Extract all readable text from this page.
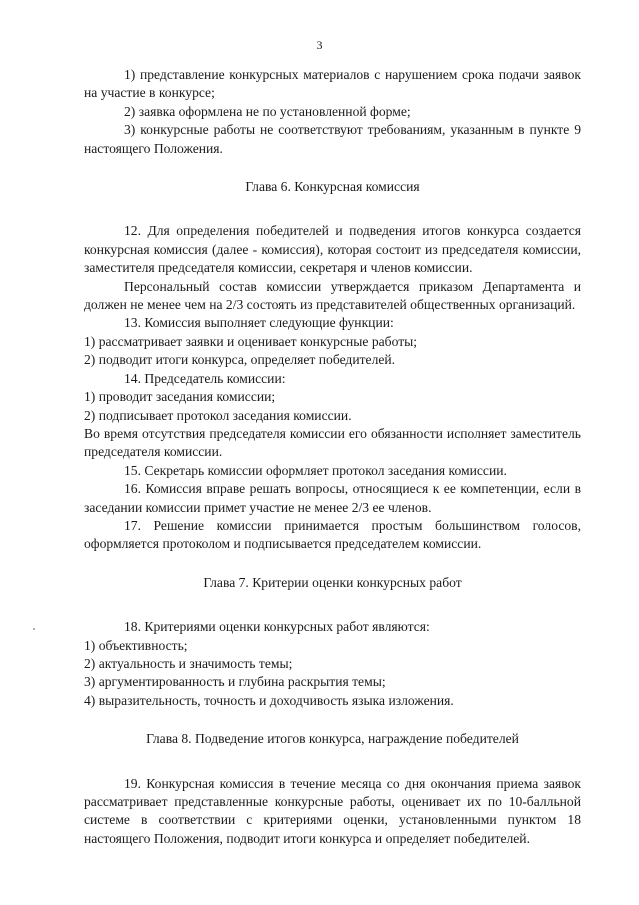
3

1) представление конкурсных материалов с нарушением срока подачи заявок на участие в конкурсе;

2) заявка оформлена не по установленной форме;

3) конкурсные работы не соответствуют требованиям, указанным в пункте 9 настоящего Положения.

Глава 6. Конкурсная комиссия

12. Для определения победителей и подведения итогов конкурса создается конкурсная комиссия (далее - комиссия), которая состоит из председателя комиссии, заместителя председателя комиссии, секретаря и членов комиссии.

Персональный состав комиссии утверждается приказом Департамента и должен не менее чем на 2/3 состоять из представителей общественных организаций.

13. Комиссия выполняет следующие функции:

1) рассматривает заявки и оценивает конкурсные работы;

2) подводит итоги конкурса, определяет победителей.

14. Председатель комиссии:

1) проводит заседания комиссии;

2) подписывает протокол заседания комиссии.

Во время отсутствия председателя комиссии его обязанности исполняет заместитель председателя комиссии.

15. Секретарь комиссии оформляет протокол заседания комиссии.

16. Комиссия вправе решать вопросы, относящиеся к ее компетенции, если в заседании комиссии примет участие не менее 2/3 ее членов.

17. Решение комиссии принимается простым большинством голосов, оформляется протоколом и подписывается председателем комиссии.

Глава 7. Критерии оценки конкурсных работ

18. Критериями оценки конкурсных работ являются:

1) объективность;

2) актуальность и значимость темы;

3) аргументированность и глубина раскрытия темы;

4) выразительность, точность и доходчивость языка изложения.

Глава 8. Подведение итогов конкурса, награждение победителей

19. Конкурсная комиссия в течение месяца со дня окончания приема заявок рассматривает представленные конкурсные работы, оценивает их по 10-балльной системе в соответствии с критериями оценки, установленными пунктом 18 настоящего Положения, подводит итоги конкурса и определяет победителей.
